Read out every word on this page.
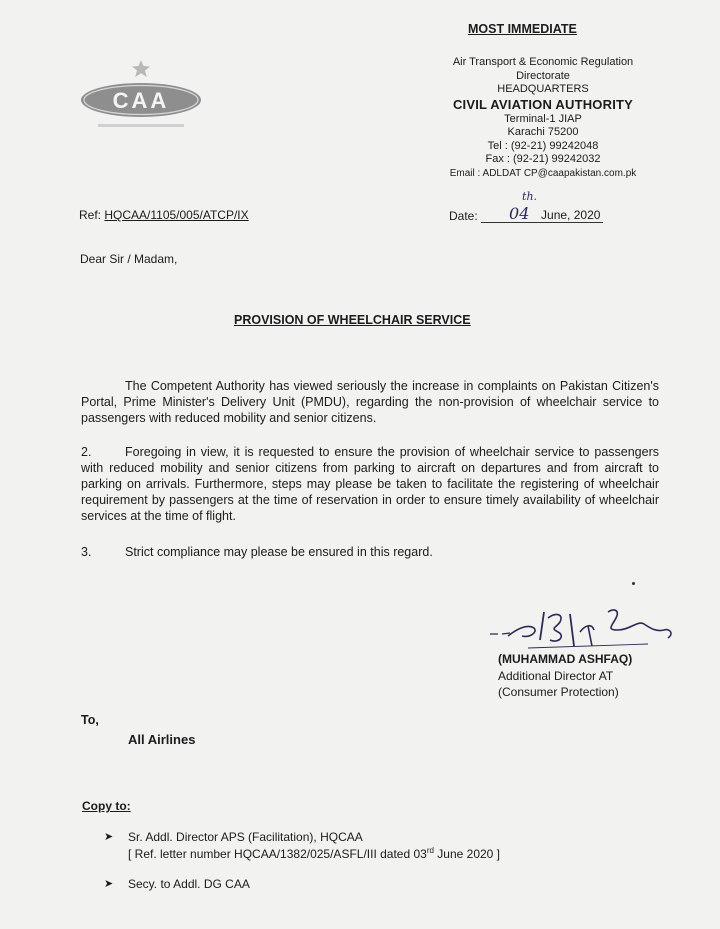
MOST IMMEDIATE
CAA
Air Transport & Economic Regulation
Directorate
HEADQUARTERS
CIVIL AVIATION AUTHORITY
Terminal-1 JIAP
Karachi 75200
Tel : (92-21) 99242048
Fax : (92-21) 99242032
Email : ADLDAT CP@caapakistan.com.pk
Ref: HQCAA/1105/005/ATCP/IX	Date: 04
th.
June, 2020
Dear Sir / Madam,
PROVISION OF WHEELCHAIR SERVICE
The Competent Authority has viewed seriously the increase in complaints on Pakistan Citizen's Portal, Prime Minister's Delivery Unit (PMDU), regarding the non-provision of wheelchair service to passengers with reduced mobility and senior citizens.
2.	Foregoing in view, it is requested to ensure the provision of wheelchair service to passengers with reduced mobility and senior citizens from parking to aircraft on departures and from aircraft to parking on arrivals. Furthermore, steps may please be taken to facilitate the registering of wheelchair requirement by passengers at the time of reservation in order to ensure timely availability of wheelchair services at the time of flight.
3.	Strict compliance may please be ensured in this regard.
(MUHAMMAD ASHFAQ)
Additional Director AT
(Consumer Protection)
To,
All Airlines
Copy to:
➤ Sr. Addl. Director APS (Facilitation), HQCAA
[ Ref. letter number HQCAA/1382/025/ASFL/III dated 03rd June 2020 ]
➤ Secy. to Addl. DG CAA
